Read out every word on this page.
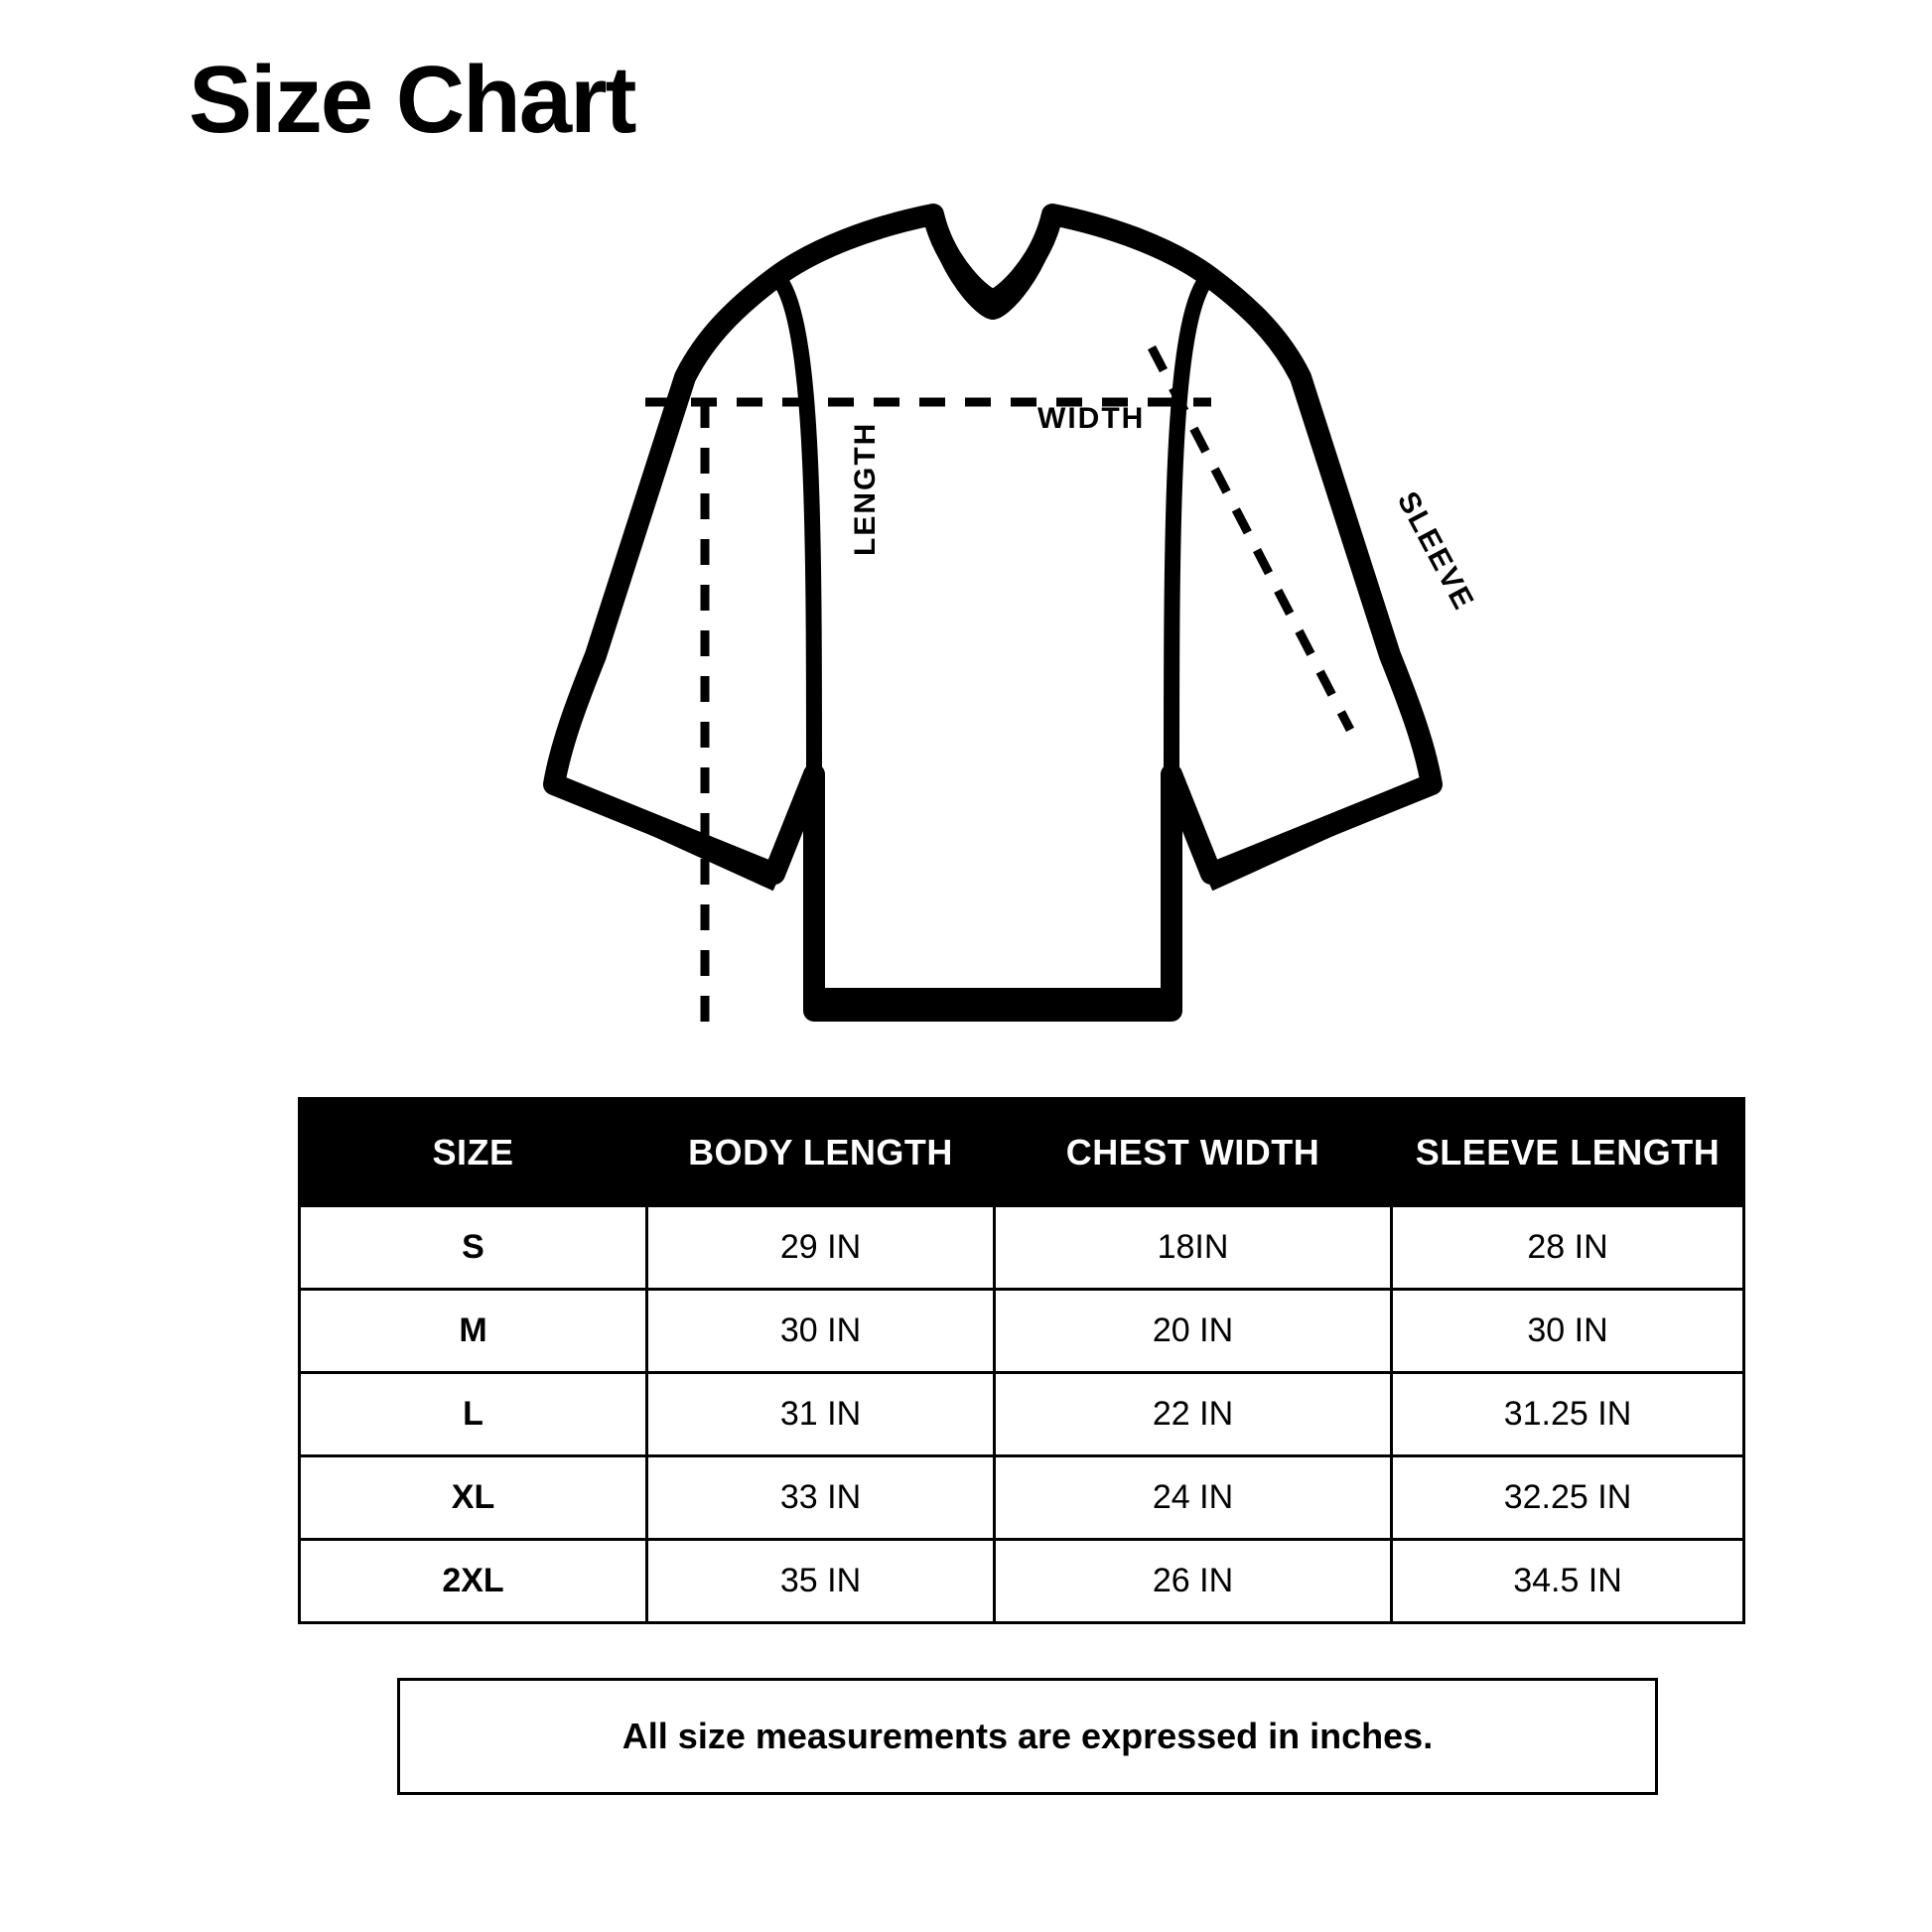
Size Chart
WIDTH
LENGTH	SLEEVE
SIZE	BODY LENGTH	CHEST WIDTH	SLEEVE LENGTH
S	29 IN	18IN	28 IN
M	30 IN	20 IN	30 IN
L	31 IN	22 IN	31.25 IN
XL	33 IN	24 IN	32.25 IN
2XL	35 IN	26 IN	34.5 IN
All size measurements are expressed in inches.
